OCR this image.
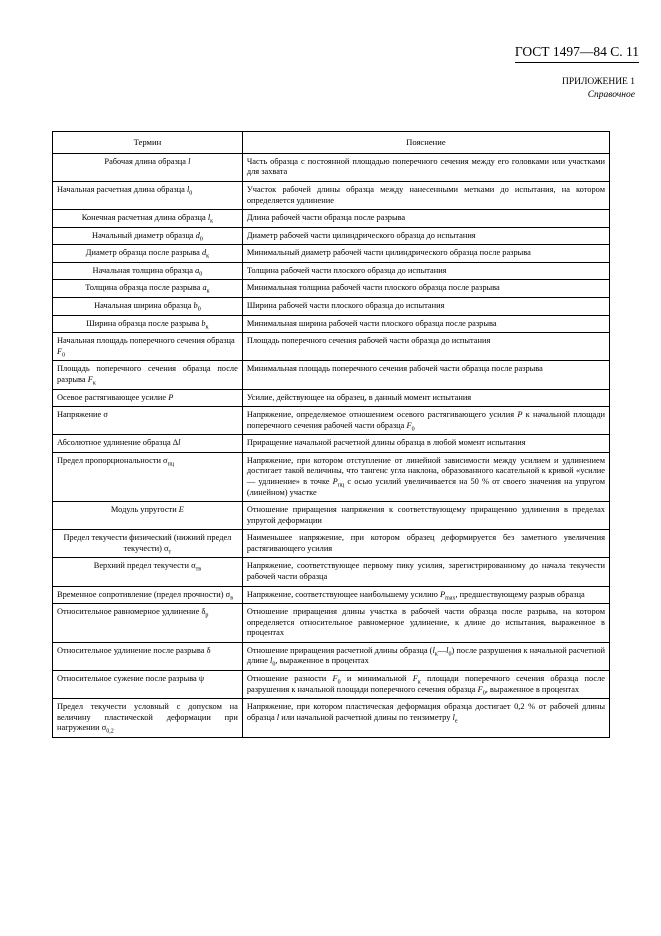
ГОСТ 1497—84 С. 11
ПРИЛОЖЕНИЕ 1
Справочное
Термин	Пояснение
Рабочая длина образца l	Часть образца с постоянной площадью поперечного сечения между его головками или участками для захвата
Начальная расчетная длина образца $l_0$	Участок рабочей длины образца между нанесенными метками до испытания, на котором определяется удлинение
Конечная расчетная длина образца $l_к$	Длина рабочей части образца после разрыва
Начальный диаметр образца $d_0$	Диаметр рабочей части цилиндрического образца до испытания
Диаметр образца после разрыва $d_к$	Минимальный диаметр рабочей части цилиндрического образца после разрыва
Начальная толщина образца $a_0$	Толщина рабочей части плоского образца до испытания
Толщина образца после разрыва $a_к$	Минимальная толщина рабочей части плоского образца после разрыва
Начальная ширина образца $b_0$	Ширина рабочей части плоского образца до испытания
Ширина образца после разрыва $b_к$	Минимальная ширина рабочей части плоского образца после разрыва
Начальная площадь поперечного сечения образца $F_0$	Площадь поперечного сечения рабочей части образца до испытания
Площадь поперечного сечения образца после разрыва $F_к$	Минимальная площадь поперечного сечения рабочей части образца после разрыва
Осевое растягивающее усилие P	Усилие, действующее на образец, в данный момент испытания
Напряжение σ	Напряжение, определяемое отношением осевого растягивающего усилия P к начальной площади поперечного сечения рабочей части образца $F_0$
Абсолютное удлинение образца Δl	Приращение начальной расчетной длины образца в любой момент испытания
Предел пропорциональности $\sigma_{пц}$	Напряжение, при котором отступление от линейной зависимости между усилием и удлинением достигает такой величины, что тангенс угла наклона, образованного касательной к кривой «усилие — удлинение» в точке $P_{пц}$ с осью усилий увеличивается на 50 % от своего значения на упругом (линейном) участке
Модуль упругости E	Отношение приращения напряжения к соответствующему приращению удлинения в пределах упругой деформации
Предел текучести физический (нижний предел текучести) $\sigma_т$	Наименьшее напряжение, при котором образец деформируется без заметного увеличения растягивающего усилия
Верхний предел текучести $\sigma_{тв}$	Напряжение, соответствующее первому пику усилия, зарегистрированному до начала текучести рабочей части образца
Временное сопротивление (предел прочности) $\sigma_в$	Напряжение, соответствующее наибольшему усилию $P_{max}$, предшествующему разрыв образца
Относительное равномерное удлинение $\delta_р$	Отношение приращения длины участка в рабочей части образца после разрыва, на котором определяется относительное равномерное удлинение, к длине до испытания, выраженное в процентах
Относительное удлинение после разрыва δ	Отношение приращения расчетной длины образца $(l_к—l_0)$ после разрушения к начальной расчетной длине $l_0$, выраженное в процентах
Относительное сужение после разрыва ψ	Отношение разности $F_0$ и минимальной $F_к$ площади поперечного сечения образца после разрушения к начальной площади поперечного сечения образца $F_0$, выраженное в процентах
Предел текучести условный с допуском на величину пластической деформации при нагружении $\sigma_{0,2}$	Напряжение, при котором пластическая деформация образца достигает 0,2 % от рабочей длины образца l или начальной расчетной длины по тензиметру $l_е$
